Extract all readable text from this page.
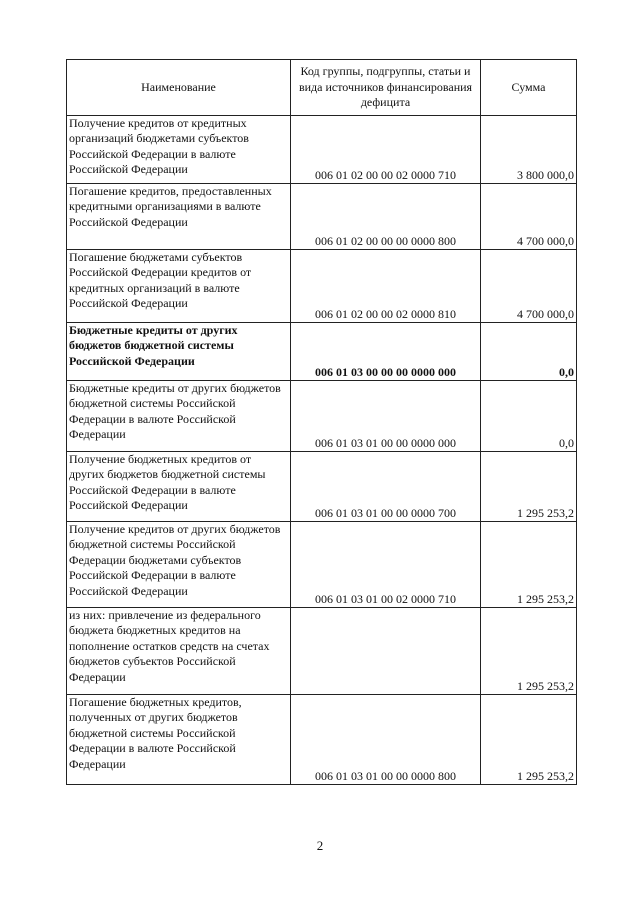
Наименование	Код группы, подгруппы, статьи и вида источников финансирования дефицита	Сумма
Получение кредитов от кредитных организаций бюджетами субъектов Российской Федерации в валюте Российской Федерации	006 01 02 00 00 02 0000 710	3 800 000,0
Погашение кредитов, предоставленных кредитными организациями в валюте Российской Федерации	006 01 02 00 00 00 0000 800	4 700 000,0
Погашение бюджетами субъектов Российской Федерации кредитов от кредитных организаций в валюте Российской Федерации	006 01 02 00 00 02 0000 810	4 700 000,0
Бюджетные кредиты от других бюджетов бюджетной системы Российской Федерации	006 01 03 00 00 00 0000 000	0,0
Бюджетные кредиты от других бюджетов бюджетной системы Российской Федерации в валюте Российской Федерации	006 01 03 01 00 00 0000 000	0,0
Получение бюджетных кредитов от других бюджетов бюджетной системы Российской Федерации в валюте Российской Федерации	006 01 03 01 00 00 0000 700	1 295 253,2
Получение кредитов от других бюджетов бюджетной системы Российской Федерации бюджетами субъектов Российской Федерации в валюте Российской Федерации	006 01 03 01 00 02 0000 710	1 295 253,2
из них: привлечение из федерального бюджета бюджетных кредитов на пополнение остатков средств на счетах бюджетов субъектов Российской Федерации		1 295 253,2
Погашение бюджетных кредитов, полученных от других бюджетов бюджетной системы Российской Федерации в валюте Российской Федерации	006 01 03 01 00 00 0000 800	1 295 253,2
2
